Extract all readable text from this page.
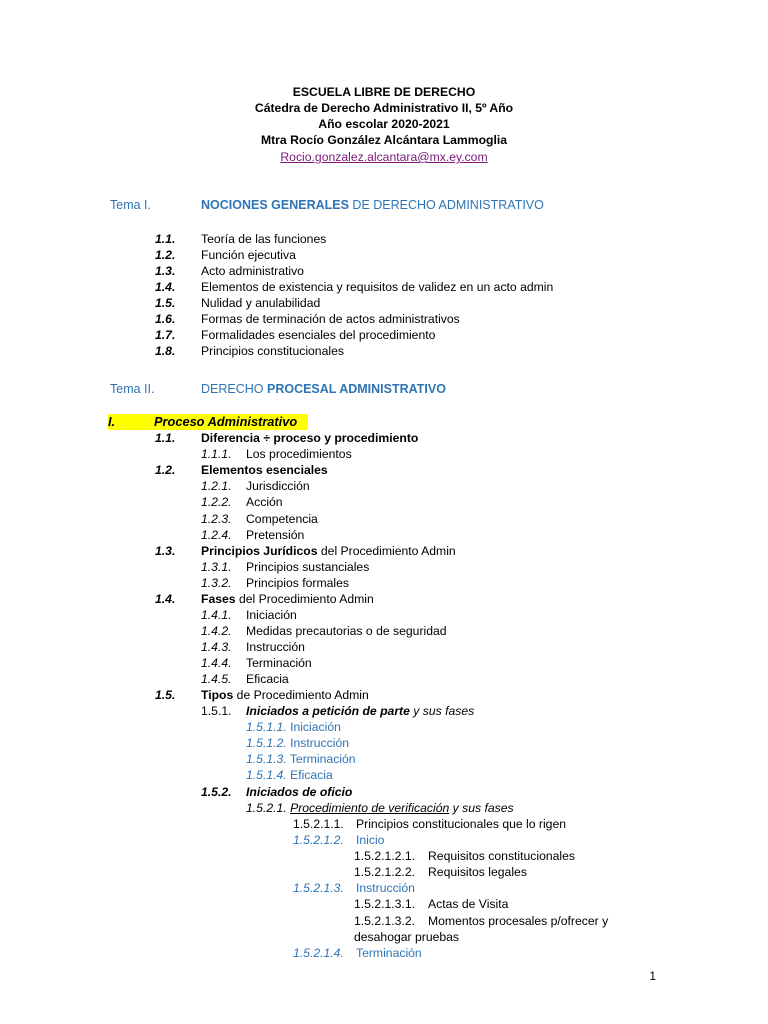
ESCUELA LIBRE DE DERECHO
Cátedra de Derecho Administrativo II, 5º Año
Año escolar 2020-2021
Mtra Rocío González Alcántara Lammoglia
Rocio.gonzalez.alcantara@mx.ey.com
Tema I.	NOCIONES GENERALES DE DERECHO ADMINISTRATIVO
1.1. Teoría de las funciones
1.2. Función ejecutiva
1.3. Acto administrativo
1.4. Elementos de existencia y requisitos de validez en un acto admin
1.5. Nulidad y anulabilidad
1.6. Formas de terminación de actos administrativos
1.7. Formalidades esenciales del procedimiento
1.8. Principios constitucionales
Tema II.	DERECHO PROCESAL ADMINISTRATIVO
I.	Proceso Administrativo
1.1. Diferencia ÷ proceso y procedimiento
1.1.1. Los procedimientos
1.2. Elementos esenciales
1.2.1. Jurisdicción
1.2.2. Acción
1.2.3. Competencia
1.2.4. Pretensión
1.3. Principios Jurídicos del Procedimiento Admin
1.3.1. Principios sustanciales
1.3.2. Principios formales
1.4. Fases del Procedimiento Admin
1.4.1. Iniciación
1.4.2. Medidas precautorias o de seguridad
1.4.3. Instrucción
1.4.4. Terminación
1.4.5. Eficacia
1.5. Tipos de Procedimiento Admin
1.5.1. Iniciados a petición de parte y sus fases
1.5.1.1. Iniciación
1.5.1.2. Instrucción
1.5.1.3. Terminación
1.5.1.4. Eficacia
1.5.2. Iniciados de oficio
1.5.2.1. Procedimiento de verificación y sus fases
1.5.2.1.1. Principios constitucionales que lo rigen
1.5.2.1.2. Inicio
1.5.2.1.2.1. Requisitos constitucionales
1.5.2.1.2.2. Requisitos legales
1.5.2.1.3. Instrucción
1.5.2.1.3.1. Actas de Visita
1.5.2.1.3.2. Momentos procesales p/ofrecer y
desahogar pruebas
1.5.2.1.4. Terminación
1
